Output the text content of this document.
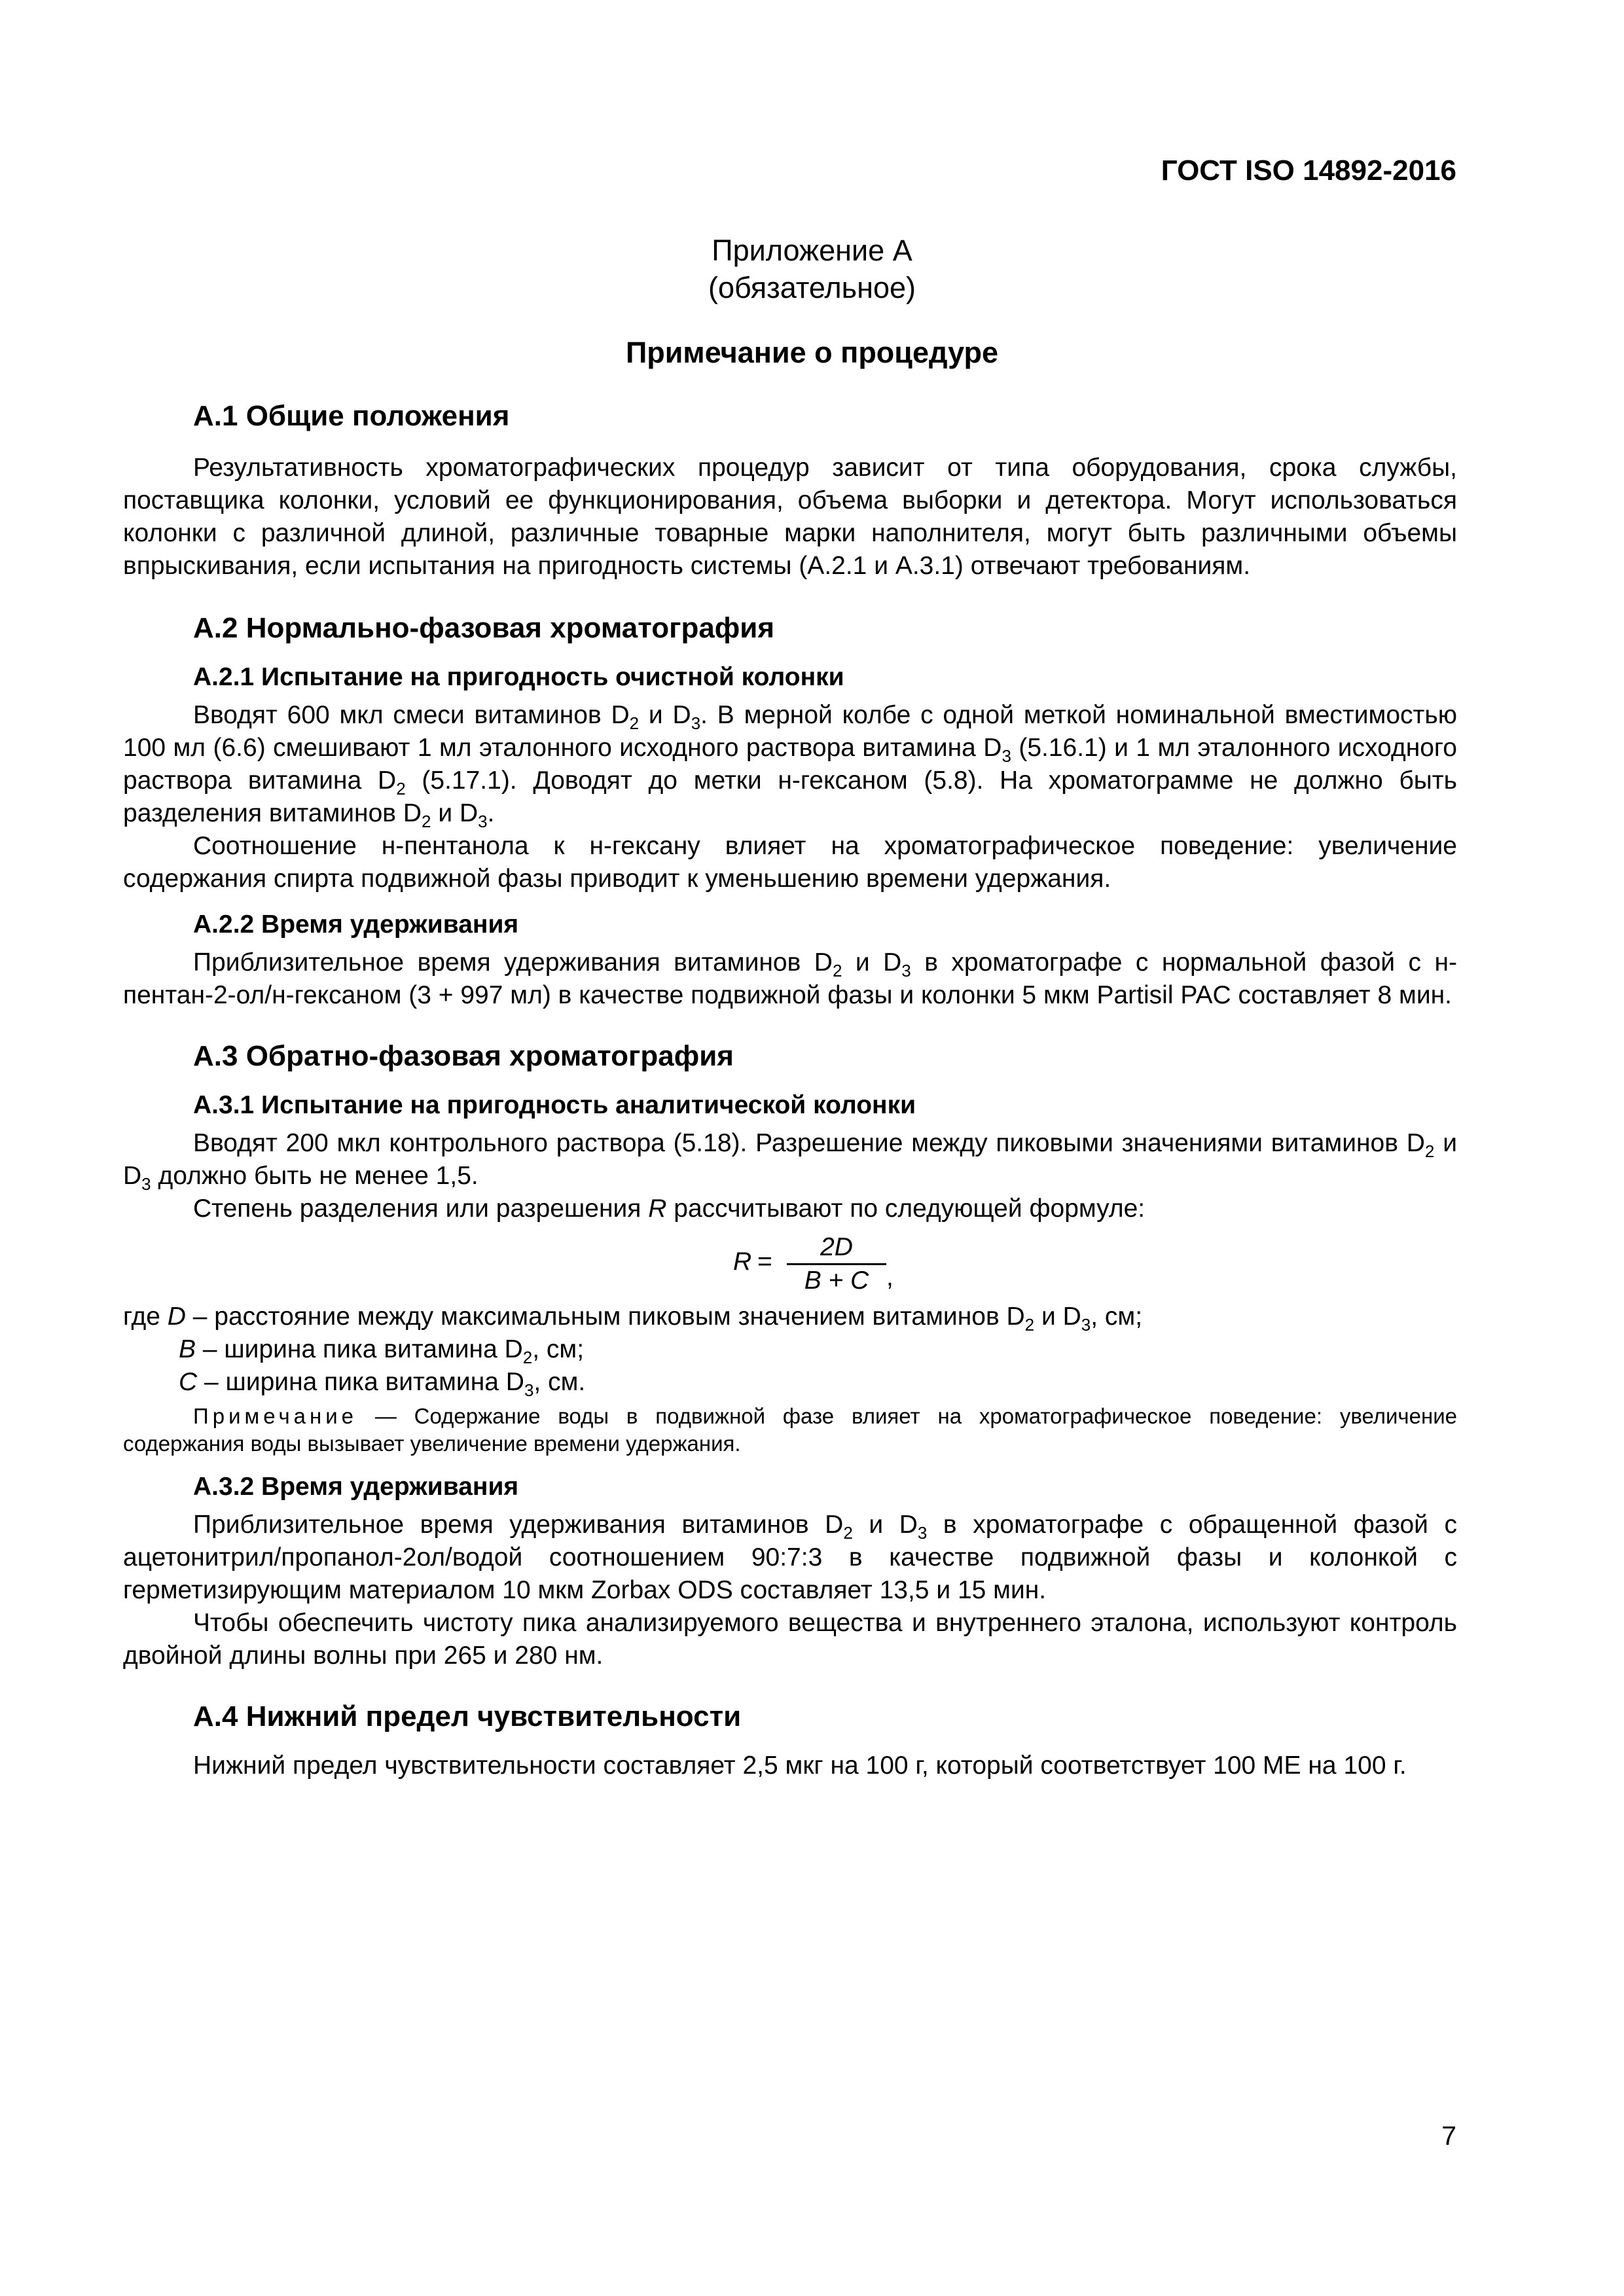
ГОСТ ISO 14892-2016
Приложение А
(обязательное)
Примечание о процедуре
А.1 Общие положения

Результативность хроматографических процедур зависит от типа оборудования, срока службы, поставщика колонки, условий ее функционирования, объема выборки и детектора. Могут использоваться колонки с различной длиной, различные товарные марки наполнителя, могут быть различными объемы впрыскивания, если испытания на пригодность системы (А.2.1 и А.3.1) отвечают требованиям.

А.2 Нормально-фазовая хроматография
А.2.1 Испытание на пригодность очистной колонки

Вводят 600 мкл смеси витаминов $D_2$ и $D_3$. В мерной колбе с одной меткой номинальной вместимостью 100 мл (6.6) смешивают 1 мл эталонного исходного раствора витамина $D_3$ (5.16.1) и 1 мл эталонного исходного раствора витамина $D_2$ (5.17.1). Доводят до метки н-гексаном (5.8). На хроматограмме не должно быть разделения витаминов $D_2$ и $D_3$.

Соотношение н-пентанола к н-гексану влияет на хроматографическое поведение: увеличение содержания спирта подвижной фазы приводит к уменьшению времени удержания.

А.2.2 Время удерживания

Приблизительное время удерживания витаминов $D_2$ и $D_3$ в хроматографе с нормальной фазой с н-пентан-2-ол/н-гексаном (3 + 997 мл) в качестве подвижной фазы и колонки 5 мкм Partisil PAC составляет 8 мин.

А.3 Обратно-фазовая хроматография
А.3.1 Испытание на пригодность аналитической колонки

Вводят 200 мкл контрольного раствора (5.18). Разрешение между пиковыми значениями витаминов $D_2$ и $D_3$ должно быть не менее 1,5.

Степень разделения или разрешения R рассчитывают по следующей формуле:

R =
2D
B + C ,
где D – расстояние между максимальным пиковым значением витаминов $D_2$ и $D_3$, см;
B – ширина пика витамина $D_2$, см;
C – ширина пика витамина $D_3$, см.

Примечание — Содержание воды в подвижной фазе влияет на хроматографическое поведение: увеличение содержания воды вызывает увеличение времени удержания.

А.3.2 Время удерживания

Приблизительное время удерживания витаминов $D_2$ и $D_3$ в хроматографе с обращенной фазой с ацетонитрил/пропанол-2ол/водой соотношением 90:7:3 в качестве подвижной фазы и колонкой с герметизирующим материалом 10 мкм Zorbax ODS составляет 13,5 и 15 мин.

Чтобы обеспечить чистоту пика анализируемого вещества и внутреннего эталона, используют контроль двойной длины волны при 265 и 280 нм.

А.4 Нижний предел чувствительности

Нижний предел чувствительности составляет 2,5 мкг на 100 г, который соответствует 100 МЕ на 100 г.

7
